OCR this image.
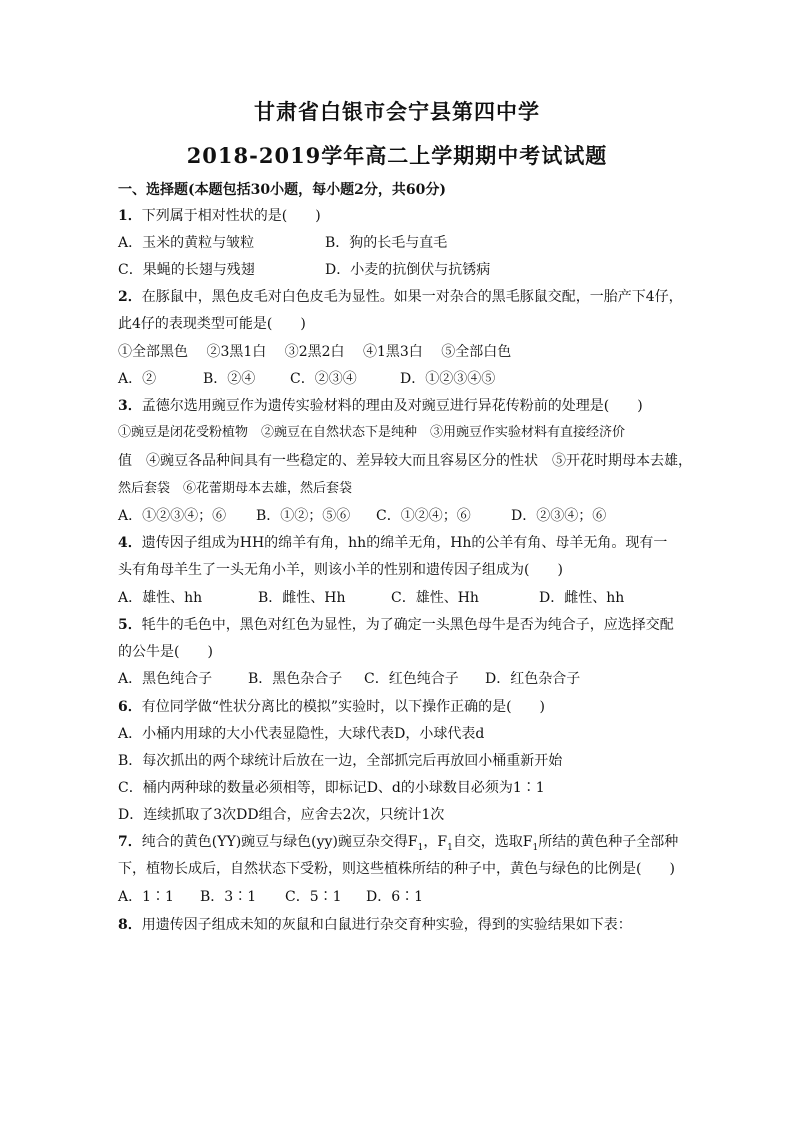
甘肃省白银市会宁县第四中学
2018-2019学年高二上学期期中考试试题
一、选择题(本题包括30小题，每小题2分，共60分)
1．下列属于相对性状的是(　　)
A．玉米的黄粒与皱粒	B．狗的长毛与直毛
C．果蝇的长翅与残翅	D．小麦的抗倒伏与抗锈病
2．在豚鼠中，黑色皮毛对白色皮毛为显性。如果一对杂合的黑毛豚鼠交配，一胎产下4仔，
此4仔的表现类型可能是(　　)
①全部黑色　 ②3黑1白　 ③2黑2白　 ④1黑3白　 ⑤全部白色
A．②	B．②④ C．②③④	D．①②③④⑤
3．孟德尔选用豌豆作为遗传实验材料的理由及对豌豆进行异花传粉前的处理是(　　)
①豌豆是闭花受粉植物　②豌豆在自然状态下是纯种　③用豌豆作实验材料有直接经济价
值　④豌豆各品种间具有一些稳定的、差异较大而且容易区分的性状　⑤开花时期母本去雄，
然后套袋　⑥花蕾期母本去雄，然后套袋
A．①②③④；⑥ B．①②；⑤⑥ C．①②④；⑥	D．②③④；⑥
4．遗传因子组成为HH的绵羊有角，hh的绵羊无角，Hh的公羊有角、母羊无角。现有一
头有角母羊生了一头无角小羊，则该小羊的性别和遗传因子组成为(　　)
A．雄性、hh	B．雌性、Hh	C．雄性、Hh	D．雌性、hh
5．牦牛的毛色中，黑色对红色为显性，为了确定一头黑色母牛是否为纯合子，应选择交配
的公牛是(　　)
A．黑色纯合子	B．黑色杂合子 C．红色纯合子 D．红色杂合子
6．有位同学做“性状分离比的模拟”实验时，以下操作正确的是(　　)
A．小桶内用球的大小代表显隐性，大球代表D，小球代表d
B．每次抓出的两个球统计后放在一边，全部抓完后再放回小桶重新开始
C．桶内两种球的数量必须相等，即标记D、d的小球数目必须为1∶1
D．连续抓取了3次DD组合，应舍去2次，只统计1次
7．纯合的黄色(YY)豌豆与绿色(yy)豌豆杂交得$F_1$，$F_1$自交，选取$F_1$所结的黄色种子全部种
下，植物长成后，自然状态下受粉，则这些植株所结的种子中，黄色与绿色的比例是(　　)
A．1∶1 B．3∶1 C．5∶1 D．6∶1
8．用遗传因子组成未知的灰鼠和白鼠进行杂交育种实验，得到的实验结果如下表：
